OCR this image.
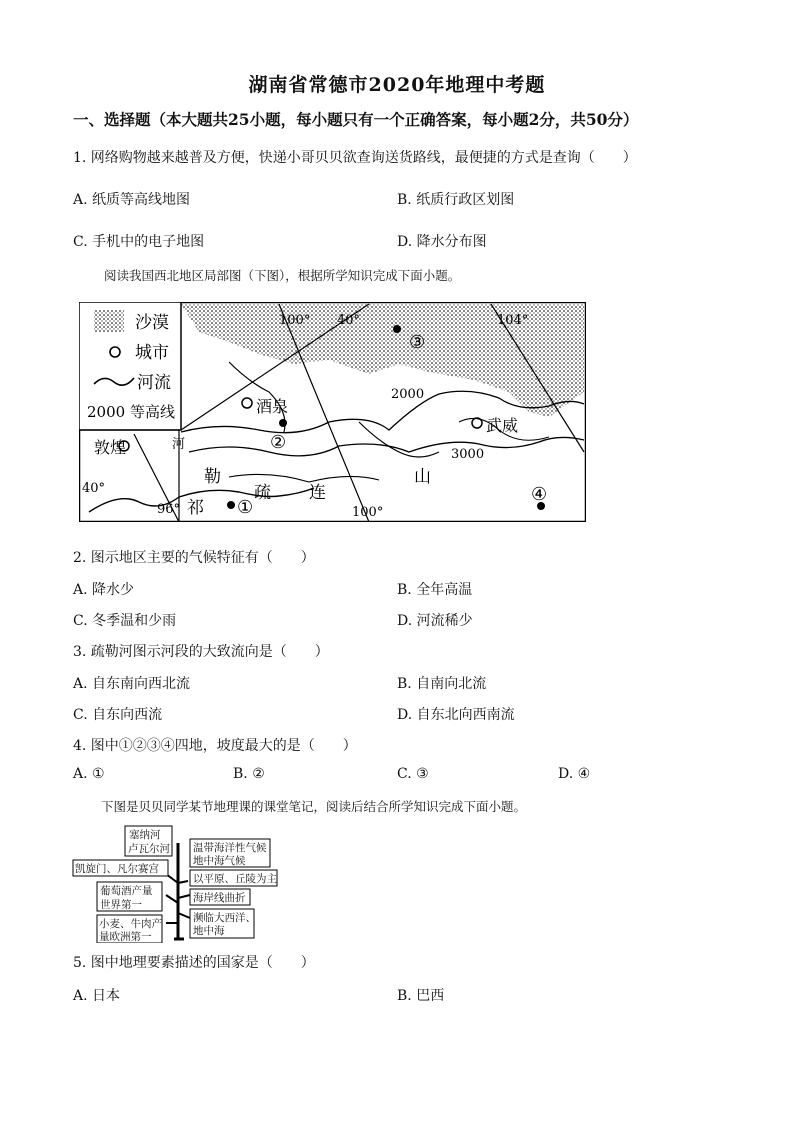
湖南省常德市2020年地理中考题
一、选择题（本大题共25小题，每小题只有一个正确答案，每小题2分，共50分）
1. 网络购物越来越普及方便，快递小哥贝贝欲查询送货路线，最便捷的方式是查询（　　）
A. 纸质等高线地图	B. 纸质行政区划图
C. 手机中的电子地图	D. 降水分布图
阅读我国西北地区局部图（下图），根据所学知识完成下面小题。
沙漠
城市
河流
2000 等高线	酒泉
武威
敦煌	②
③
①
④
100° 40°	104°
100°
96°
40°
2000
3000
河
祁
勒
疏 连
山
2. 图示地区主要的气候特征有（　　）
A. 降水少	B. 全年高温
C. 冬季温和少雨	D. 河流稀少
3. 疏勒河图示河段的大致流向是（　　）
A. 自东南向西北流	B. 自南向北流
C. 自东向西流	D. 自东北向西南流
4. 图中①②③④四地，坡度最大的是（　　）
A. ①	B. ②	C. ③	D. ④
下图是贝贝同学某节地理课的课堂笔记，阅读后结合所学知识完成下面小题。
塞纳河
卢瓦尔河 温带海洋性气候
地中海气候
凯旋门、凡尔赛宫
以平原、丘陵为主
葡萄酒产量
世界第一
海岸线曲折
濒临大西洋、
地中海
小麦、牛肉产
量欧洲第一
5. 图中地理要素描述的国家是（　　）
A. 日本	B. 巴西
